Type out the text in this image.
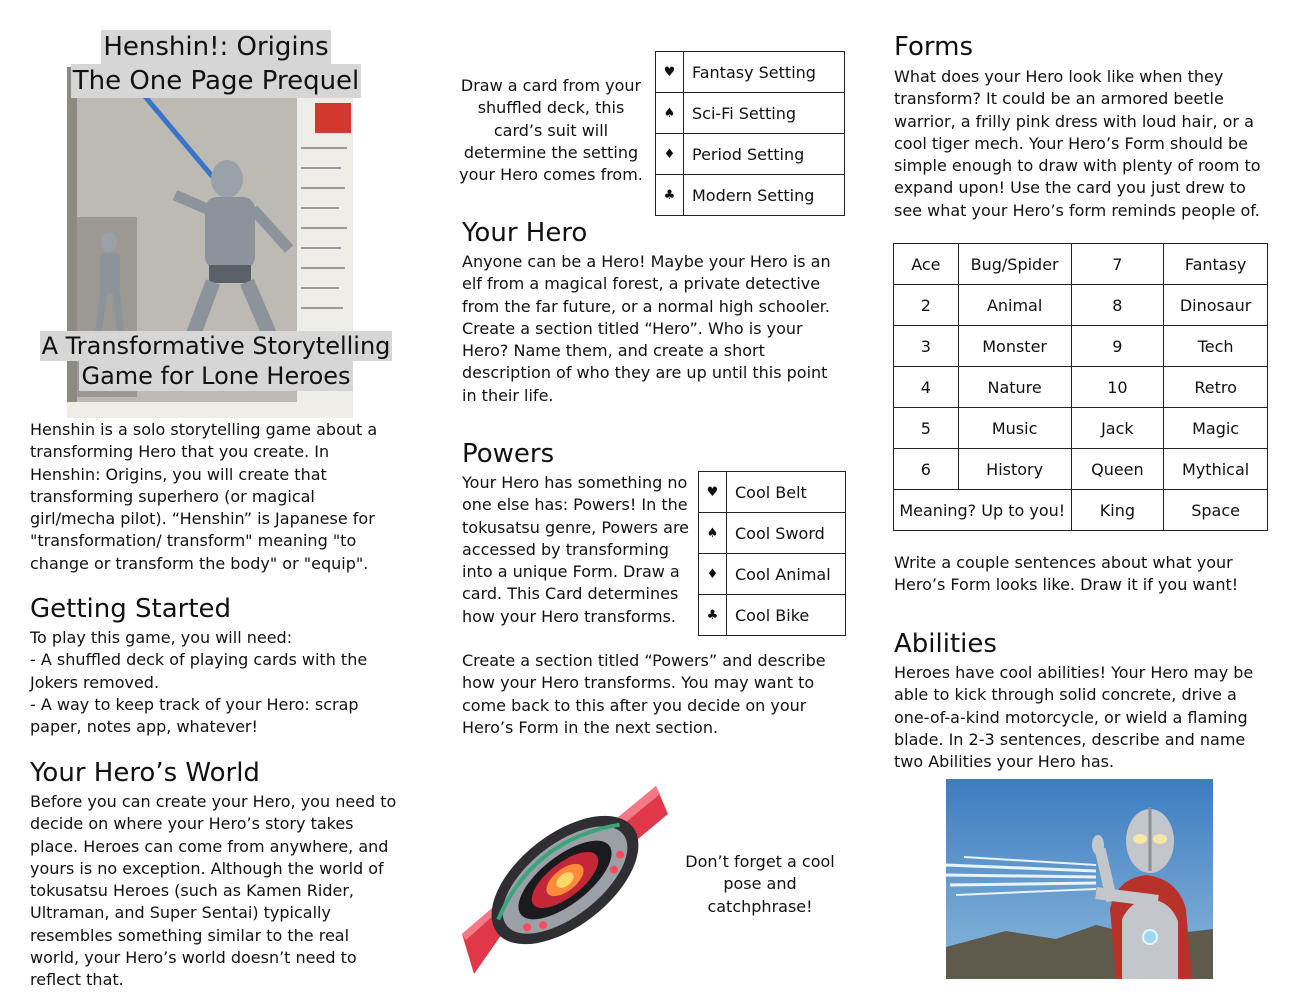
Henshin!: Origins
The One Page Prequel
A Transformative Storytelling
Game for Lone Heroes

Henshin is a solo storytelling game about a transforming Hero that you create. In Henshin: Origins, you will create that transforming superhero (or magical girl/mecha pilot). “Henshin” is Japanese for "transformation/ transform" meaning "to change or transform the body" or "equip".

Getting Started
To play this game, you will need:
- A shuffled deck of playing cards with the Jokers removed.
- A way to keep track of your Hero: scrap paper, notes app, whatever!
Your Hero’s World

Before you can create your Hero, you need to decide on where your Hero’s story takes place. Heroes can come from anywhere, and yours is no exception. Although the world of tokusatsu Heroes (such as Kamen Rider, Ultraman, and Super Sentai) typically resembles something similar to the real world, your Hero’s world doesn’t need to reflect that.

Draw a card from your shuffled deck, this card’s suit will determine the setting your Hero comes from.

♥	Fantasy Setting
♠	Sci-Fi Setting
♦	Period Setting
♣	Modern Setting
Your Hero

Anyone can be a Hero! Maybe your Hero is an elf from a magical forest, a private detective from the far future, or a normal high schooler. Create a section titled “Hero”. Who is your Hero? Name them, and create a short description of who they are up until this point in their life.

Powers

Your Hero has something no one else has: Powers! In the tokusatsu genre, Powers are accessed by transforming into a unique Form. Draw a card. This Card determines how your Hero transforms.

♥	Cool Belt
♠	Cool Sword
♦	Cool Animal
♣	Cool Bike

Create a section titled “Powers” and describe how your Hero transforms. You may want to come back to this after you decide on your Hero’s Form in the next section.

Don’t forget a cool pose and catchphrase!

Forms

What does your Hero look like when they transform? It could be an armored beetle warrior, a frilly pink dress with loud hair, or a cool tiger mech. Your Hero’s Form should be simple enough to draw with plenty of room to expand upon! Use the card you just drew to see what your Hero’s form reminds people of.

Ace	Bug/Spider	7	Fantasy
2	Animal	8	Dinosaur
3	Monster	9	Tech
4	Nature	10	Retro
5	Music	Jack	Magic
6	History	Queen	Mythical
Meaning? Up to you!		King	Space

Write a couple sentences about what your Hero’s Form looks like. Draw it if you want!

Abilities

Heroes have cool abilities! Your Hero may be able to kick through solid concrete, drive a one-of-a-kind motorcycle, or wield a flaming blade. In 2-3 sentences, describe and name two Abilities your Hero has.
